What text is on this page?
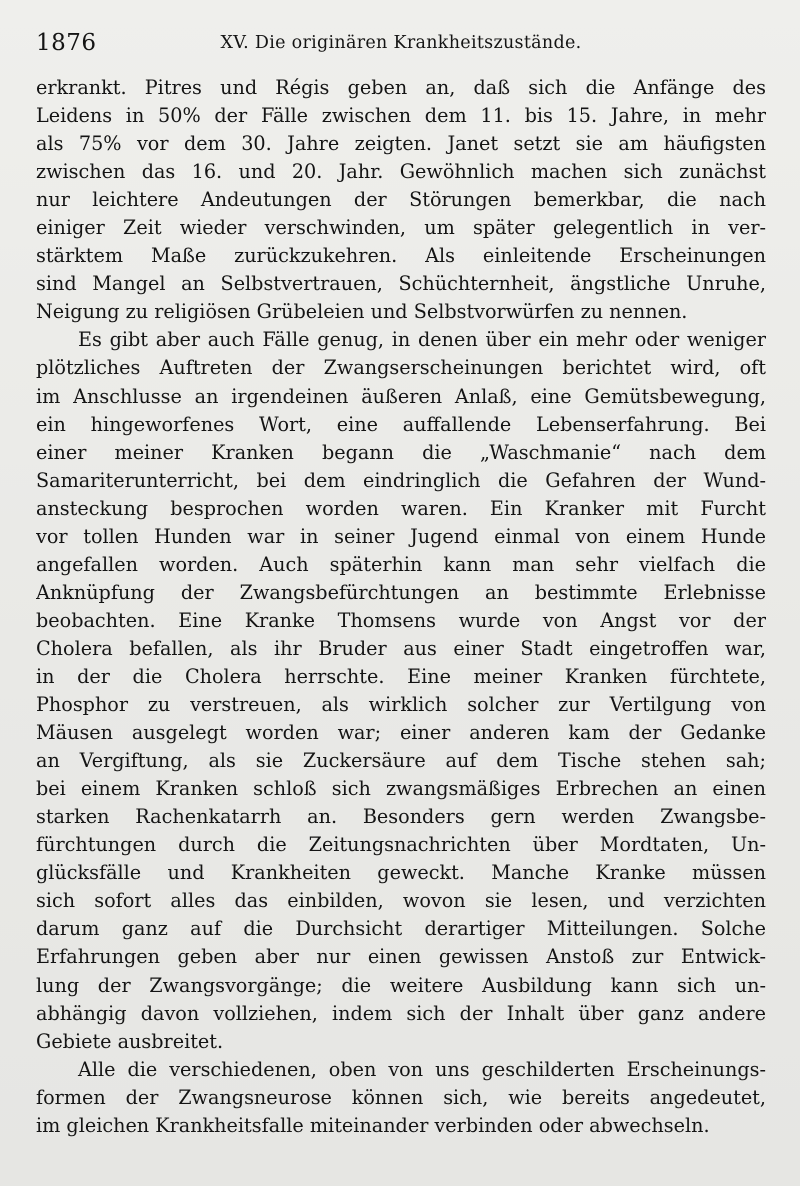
1876	XV. Die originären Krankheitszustände.
erkrankt. Pitres und Régis geben an, daß sich die Anfänge des
Leidens in 50% der Fälle zwischen dem 11. bis 15. Jahre, in mehr
als 75% vor dem 30. Jahre zeigten. Janet setzt sie am häufigsten
zwischen das 16. und 20. Jahr. Gewöhnlich machen sich zunächst
nur leichtere Andeutungen der Störungen bemerkbar, die nach
einiger Zeit wieder verschwinden, um später gelegentlich in ver-
stärktem Maße zurückzukehren. Als einleitende Erscheinungen
sind Mangel an Selbstvertrauen, Schüchternheit, ängstliche Unruhe,
Neigung zu religiösen Grübeleien und Selbstvorwürfen zu nennen.
Es gibt aber auch Fälle genug, in denen über ein mehr oder weniger
plötzliches Auftreten der Zwangserscheinungen berichtet wird, oft
im Anschlusse an irgendeinen äußeren Anlaß, eine Gemütsbewegung,
ein hingeworfenes Wort, eine auffallende Lebenserfahrung. Bei
einer meiner Kranken begann die „Waschmanie“ nach dem
Samariterunterricht, bei dem eindringlich die Gefahren der Wund-
ansteckung besprochen worden waren. Ein Kranker mit Furcht
vor tollen Hunden war in seiner Jugend einmal von einem Hunde
angefallen worden. Auch späterhin kann man sehr vielfach die
Anknüpfung der Zwangsbefürchtungen an bestimmte Erlebnisse
beobachten. Eine Kranke Thomsens wurde von Angst vor der
Cholera befallen, als ihr Bruder aus einer Stadt eingetroffen war,
in der die Cholera herrschte. Eine meiner Kranken fürchtete,
Phosphor zu verstreuen, als wirklich solcher zur Vertilgung von
Mäusen ausgelegt worden war; einer anderen kam der Gedanke
an Vergiftung, als sie Zuckersäure auf dem Tische stehen sah;
bei einem Kranken schloß sich zwangsmäßiges Erbrechen an einen
starken Rachenkatarrh an. Besonders gern werden Zwangsbe-
fürchtungen durch die Zeitungsnachrichten über Mordtaten, Un-
glücksfälle und Krankheiten geweckt. Manche Kranke müssen
sich sofort alles das einbilden, wovon sie lesen, und verzichten
darum ganz auf die Durchsicht derartiger Mitteilungen. Solche
Erfahrungen geben aber nur einen gewissen Anstoß zur Entwick-
lung der Zwangsvorgänge; die weitere Ausbildung kann sich un-
abhängig davon vollziehen, indem sich der Inhalt über ganz andere
Gebiete ausbreitet.
Alle die verschiedenen, oben von uns geschilderten Erscheinungs-
formen der Zwangsneurose können sich, wie bereits angedeutet,
im gleichen Krankheitsfalle miteinander verbinden oder abwechseln.
